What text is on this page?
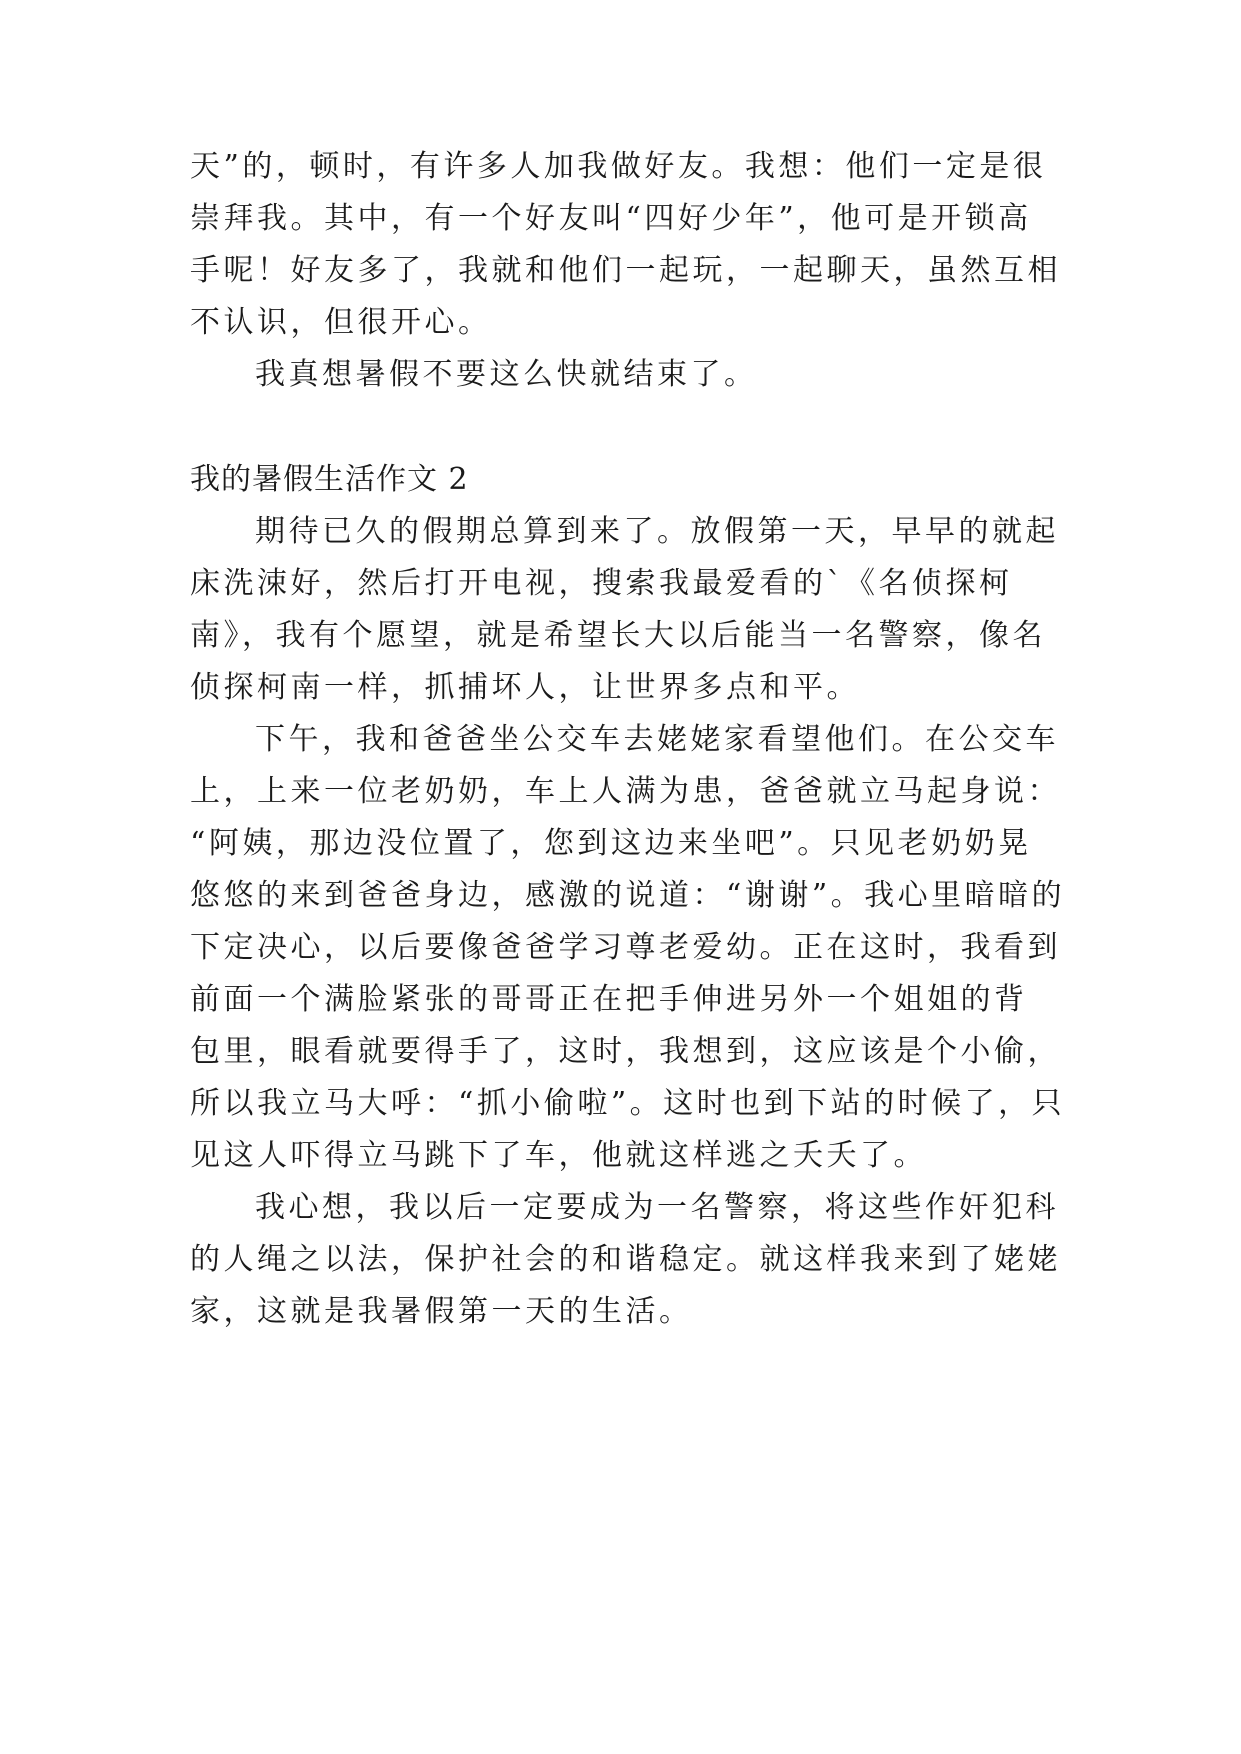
天”的，顿时，有许多人加我做好友。我想：他们一定是很
崇拜我。其中，有一个好友叫“四好少年”，他可是开锁高
手呢！好友多了，我就和他们一起玩，一起聊天，虽然互相
不认识，但很开心。
我真想暑假不要这么快就结束了。
我的暑假生活作文 2
期待已久的假期总算到来了。放假第一天，早早的就起
床洗涑好，然后打开电视，搜索我最爱看的`《名侦探柯
南》，我有个愿望，就是希望长大以后能当一名警察，像名
侦探柯南一样，抓捕坏人，让世界多点和平。
下午，我和爸爸坐公交车去姥姥家看望他们。在公交车
上，上来一位老奶奶，车上人满为患，爸爸就立马起身说：
“阿姨，那边没位置了，您到这边来坐吧”。只见老奶奶晃
悠悠的来到爸爸身边，感激的说道：“谢谢”。我心里暗暗的
下定决心，以后要像爸爸学习尊老爱幼。正在这时，我看到
前面一个满脸紧张的哥哥正在把手伸进另外一个姐姐的背
包里，眼看就要得手了，这时，我想到，这应该是个小偷，
所以我立马大呼：“抓小偷啦”。这时也到下站的时候了，只
见这人吓得立马跳下了车，他就这样逃之夭夭了。
我心想，我以后一定要成为一名警察，将这些作奸犯科
的人绳之以法，保护社会的和谐稳定。就这样我来到了姥姥
家，这就是我暑假第一天的生活。
